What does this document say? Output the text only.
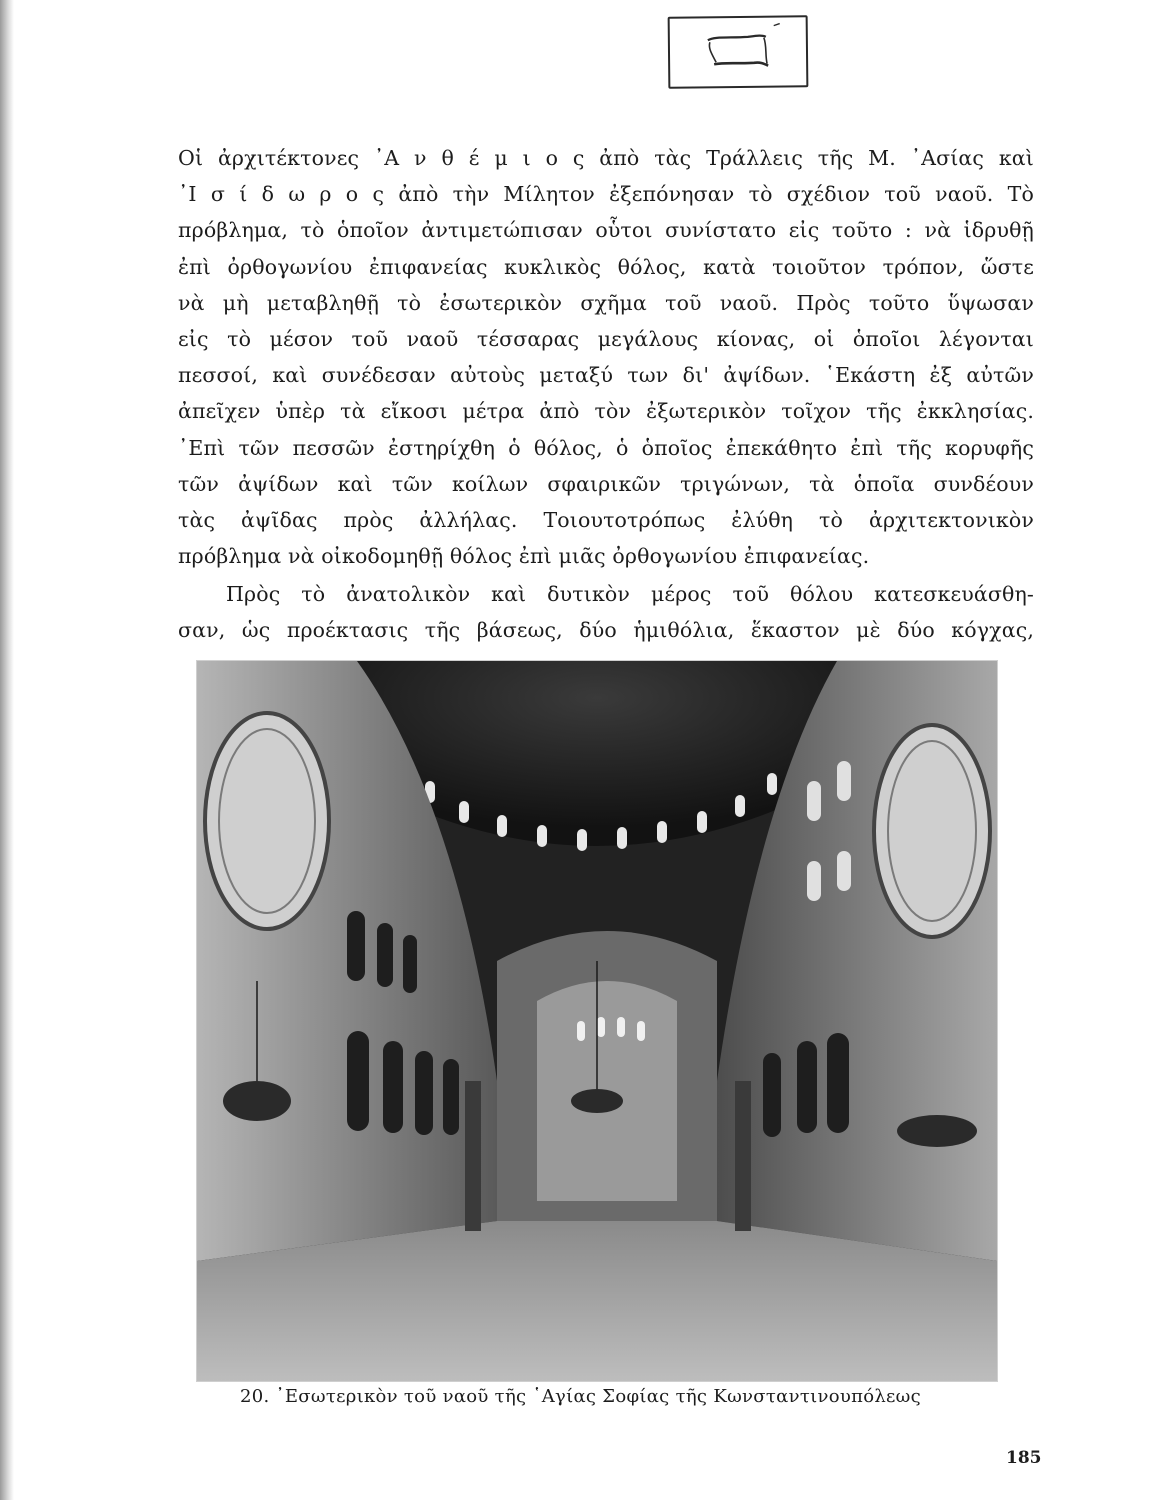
Οἱ ἀρχιτέκτονες ᾿Α ν θ έ μ ι ο ς ἀπὸ τὰς Τράλλεις τῆς Μ. ᾿Ασίας καὶ
᾿Ι σ ί δ ω ρ ο ς ἀπὸ τὴν Μίλητον ἐξεπόνησαν τὸ σχέδιον τοῦ ναοῦ. Τὸ
πρόβλημα, τὸ ὁποῖον ἀντιμετώπισαν οὗτοι συνίστατο εἰς τοῦτο : νὰ ἱδρυθῇ
ἐπὶ ὀρθογωνίου ἐπιφανείας κυκλικὸς θόλος, κατὰ τοιοῦτον τρόπον, ὥστε
νὰ μὴ μεταβληθῇ τὸ ἐσωτερικὸν σχῆμα τοῦ ναοῦ. Πρὸς τοῦτο ὕψωσαν
εἰς τὸ μέσον τοῦ ναοῦ τέσσαρας μεγάλους κίονας, οἱ ὁποῖοι λέγονται
πεσσοί, καὶ συνέδεσαν αὐτοὺς μεταξύ των δι' ἀψίδων. ῾Εκάστη ἐξ αὐτῶν
ἀπεῖχεν ὑπὲρ τὰ εἴκοσι μέτρα ἀπὸ τὸν ἐξωτερικὸν τοῖχον τῆς ἐκκλησίας.
᾿Επὶ τῶν πεσσῶν ἐστηρίχθη ὁ θόλος, ὁ ὁποῖος ἐπεκάθητο ἐπὶ τῆς κορυφῆς
τῶν ἀψίδων καὶ τῶν κοίλων σφαιρικῶν τριγώνων, τὰ ὁποῖα συνδέουν
τὰς ἀψῖδας πρὸς ἀλλήλας. Τοιουτοτρόπως ἐλύθη τὸ ἀρχιτεκτονικὸν
πρόβλημα νὰ οἰκοδομηθῇ θόλος ἐπὶ μιᾶς ὀρθογωνίου ἐπιφανείας.
Πρὸς τὸ ἀνατολικὸν καὶ δυτικὸν μέρος τοῦ θόλου κατεσκευάσθη-
σαν, ὡς προέκτασις τῆς βάσεως, δύο ἡμιθόλια, ἕκαστον μὲ δύο κόγχας,
20. ᾿Εσωτερικὸν τοῦ ναοῦ τῆς ῾Αγίας Σοφίας τῆς Κωνσταντινουπόλεως
185
